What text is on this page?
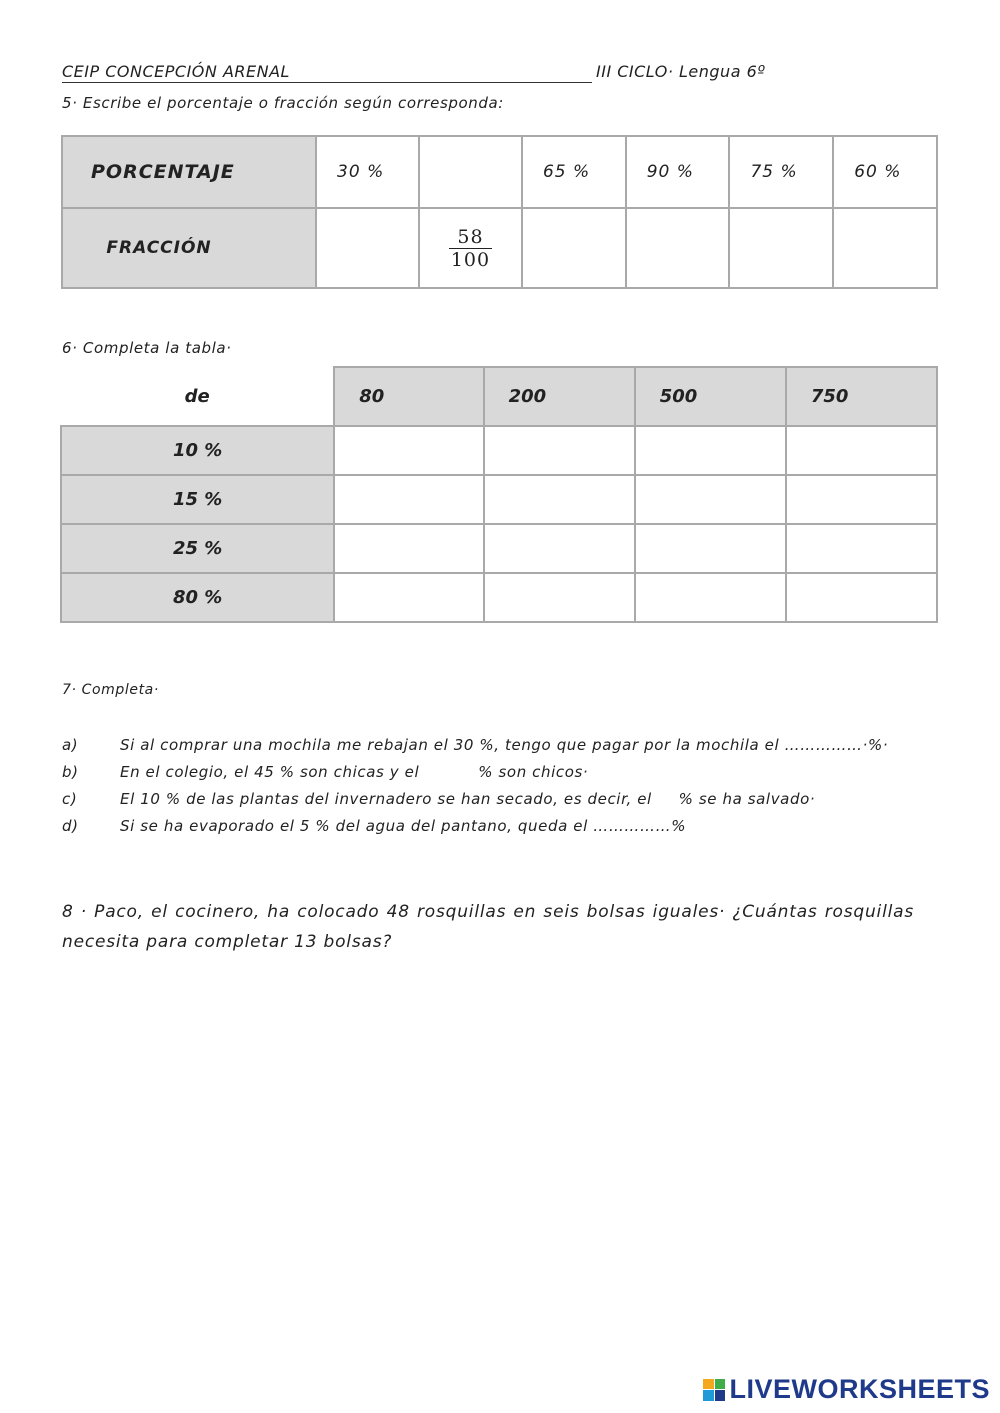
CEIP CONCEPCIÓN ARENAL	III CICLO· Lengua 6º
5· Escribe el porcentaje o fracción según corresponda:
PORCENTAJE	30 %		65 %	90 %	75 %	60 %
FRACCIÓN		$\frac{58}{100}$

6· Completa la tabla·
de	80	200	500	750
10 %				
15 %				
25 %				
80 %				
7· Completa·
a)	Si al comprar una mochila me rebajan el 30 %, tengo que pagar por la mochila el ……………·%·
b)	En el colegio, el 45 % son chicas y el           % son chicos·
c)	El 10 % de las plantas del invernadero se han secado, es decir, el     % se ha salvado·
d)	Si se ha evaporado el 5 % del agua del pantano, queda el ……………%
8 · Paco, el cocinero, ha colocado 48 rosquillas en seis bolsas iguales· ¿Cuántas rosquillas necesita para completar 13 bolsas?
LIVEWORKSHEETS
